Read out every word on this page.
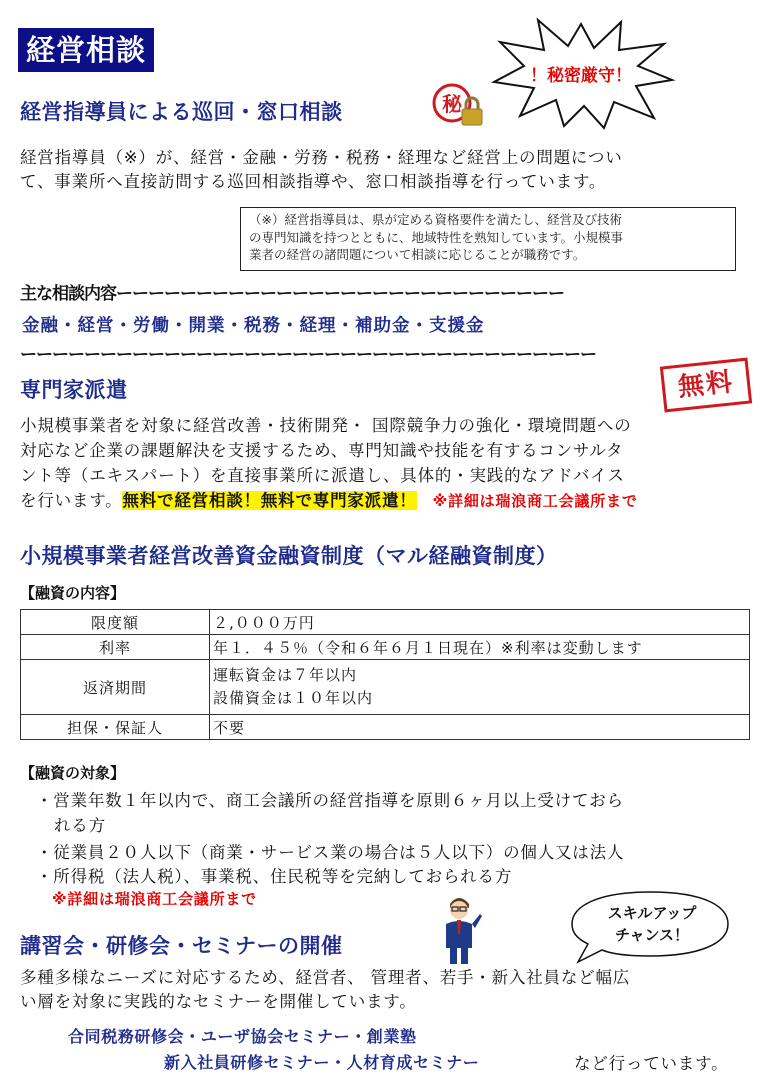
経営相談
！秘密厳守！
秘
経営指導員による巡回・窓口相談
経営指導員（※）が、経営・金融・労務・税務・経理など経営上の問題につい
て、事業所へ直接訪問する巡回相談指導や、窓口相談指導を行っています。
（※）経営指導員は、県が定める資格要件を満たし、経営及び技術
の専門知識を持つとともに、地域特性を熟知しています。小規模事
業者の経営の諸問題について相談に応じることが職務です。
主な相談内容ーーーーーーーーーーーーーーーーーーーーーーーーーーーー
金融・経営・労働・開業・税務・経理・補助金・支援金
ーーーーーーーーーーーーーーーーーーーーーーーーーーーーーーーーーーーー
専門家派遣	無料
小規模事業者を対象に経営改善・技術開発・ 国際競争力の強化・環境問題への
対応など企業の課題解決を支援するため、専門知識や技能を有するコンサルタ
ント等（エキスパート）を直接事業所に派遣し、具体的・実践的なアドバイス
を行います。無料で経営相談！無料で専門家派遣！ ※詳細は瑞浪商工会議所まで
小規模事業者経営改善資金融資制度（マル経融資制度）
【融資の内容】
限度額	２,０００万円
利率	年１．４５％（令和６年６月１日現在）※利率は変動します
返済期間	運転資金は７年以内
設備資金は１０年以内

担保・保証人	不要
【融資の対象】
・営業年数１年以内で、商工会議所の経営指導を原則６ヶ月以上受けておら
れる方
・従業員２０人以下（商業・サービス業の場合は５人以下）の個人又は法人
・所得税（法人税）、事業税、住民税等を完納しておられる方
※詳細は瑞浪商工会議所まで
講習会・研修会・セミナーの開催
スキルアップ
チャンス！
多種多様なニーズに対応するため、経営者、 管理者、若手・新入社員など幅広
い層を対象に実践的なセミナーを開催しています。
合同税務研修会・ユーザ協会セミナー・創業塾
新入社員研修セミナー・人材育成セミナー	など行っています。
